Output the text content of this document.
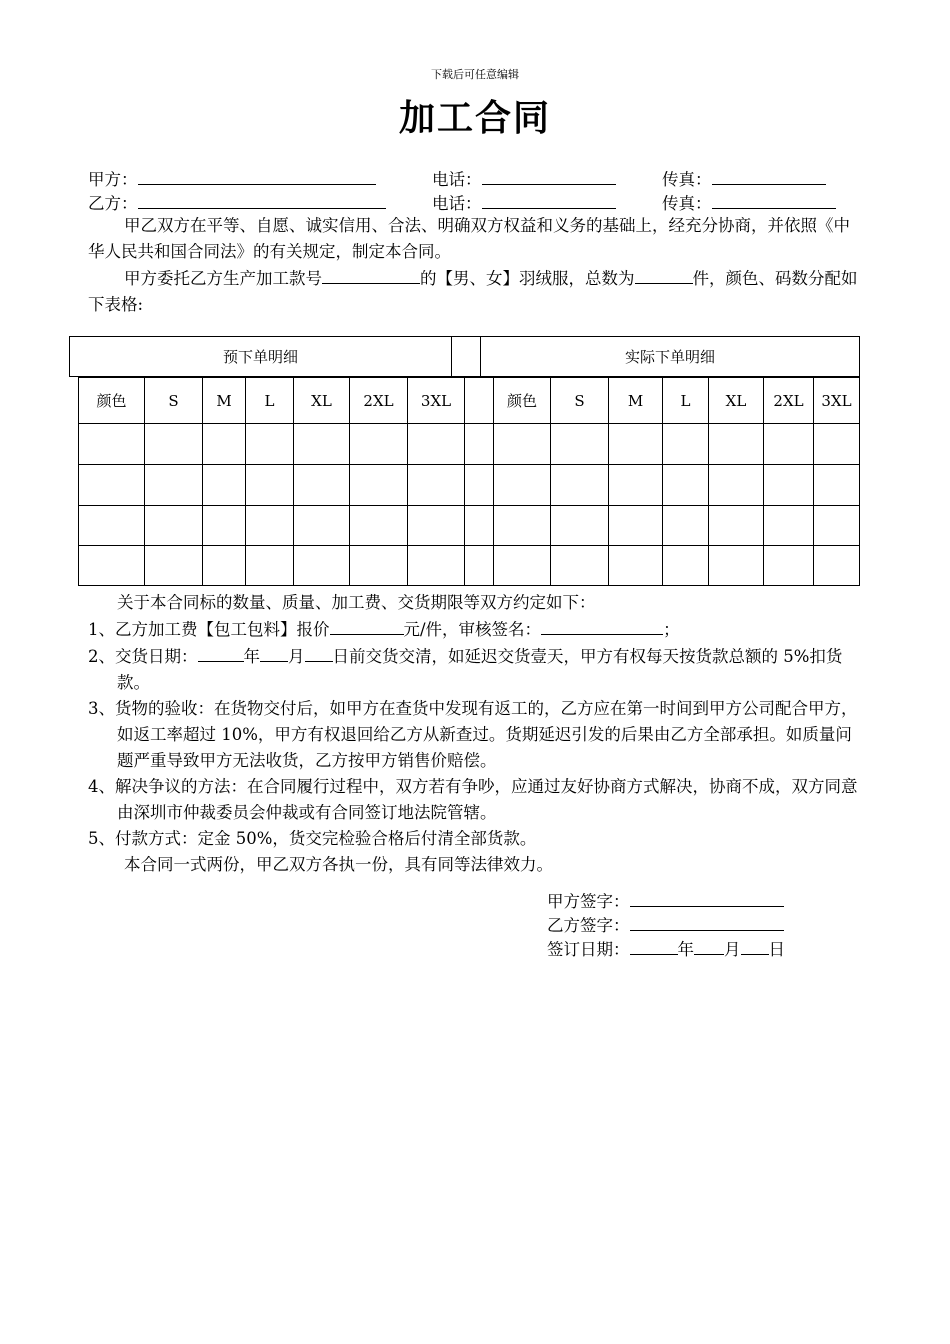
下载后可任意编辑
加工合同
甲方：	电话：	传真：
乙方：	电话：	传真：

甲乙双方在平等、自愿、诚实信用、合法、明确双方权益和义务的基础上，经充分协商，并依照《中华人民共和国合同法》的有关规定，制定本合同。

甲方委托乙方生产加工款号	的【男、女】羽绒服，总数为	件，颜色、码数分配如下表格:

预下单明细		实际下单明细
颜色	S	M	L	XL	2XL	3XL		颜色	S	M	L	XL	2XL	3XL

关于本合同标的数量、质量、加工费、交货期限等双方约定如下：

1、乙方加工费【包工包料】报价	元/件，审核签名：	；

2、交货日期：	年 月 日前交货交清，如延迟交货壹天，甲方有权每天按货款总额的 5%扣货款。

3、货物的验收：在货物交付后，如甲方在查货中发现有返工的，乙方应在第一时间到甲方公司配合甲方，如返工率超过 10%，甲方有权退回给乙方从新查过。货期延迟引发的后果由乙方全部承担。如质量问题严重导致甲方无法收货，乙方按甲方销售价赔偿。

4、解决争议的方法：在合同履行过程中，双方若有争吵，应通过友好协商方式解决，协商不成，双方同意由深圳市仲裁委员会仲裁或有合同签订地法院管辖。

5、付款方式：定金 50%，货交完检验合格后付清全部货款。

本合同一式两份，甲乙双方各执一份，具有同等法律效力。

甲方签字：
乙方签字：
签订日期：	年 月 日
